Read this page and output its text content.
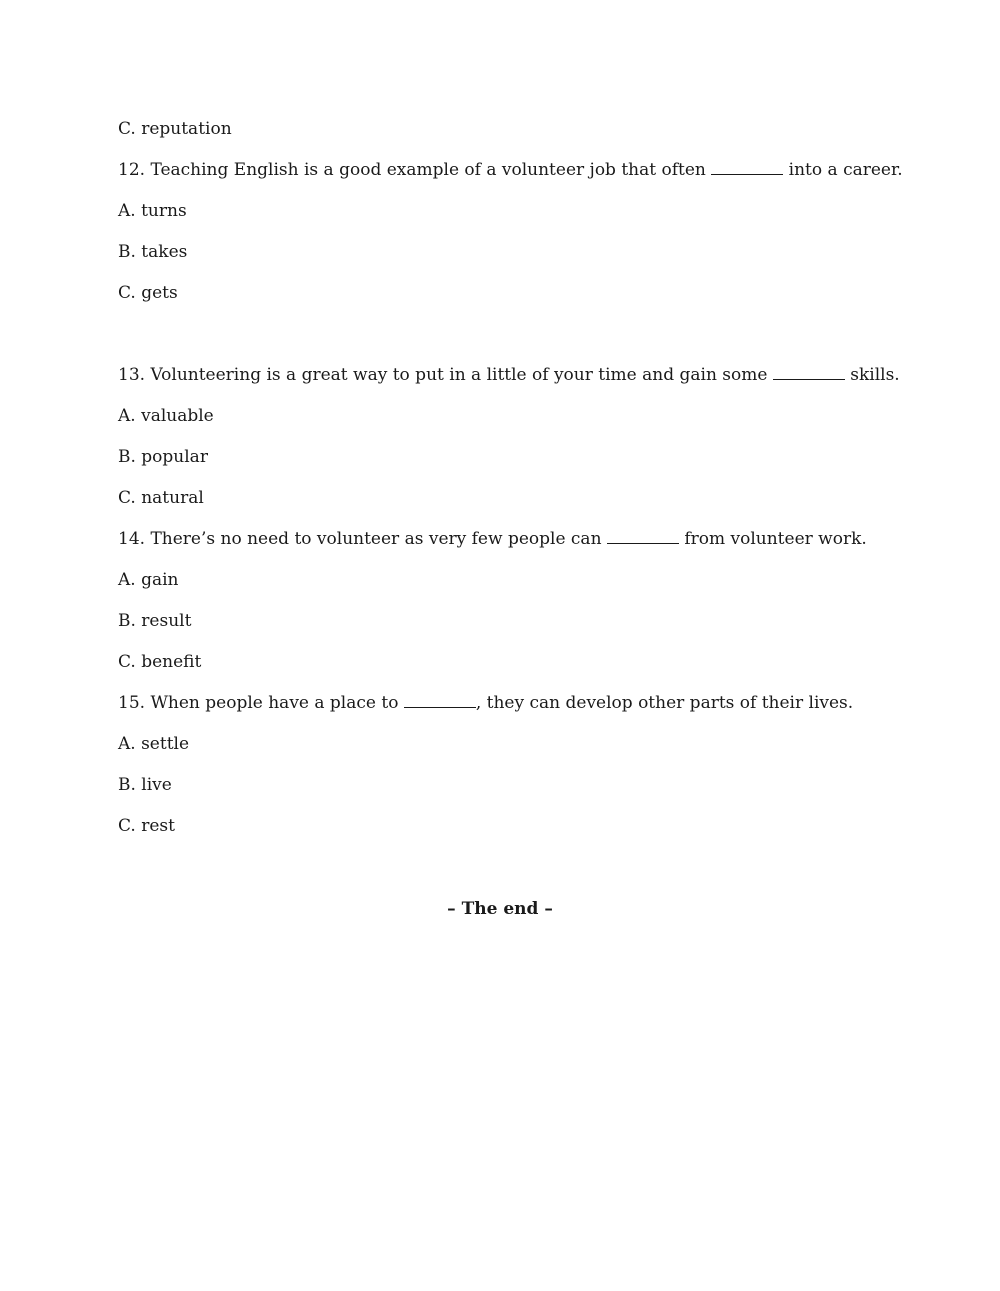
C. reputation
12. Teaching English is a good example of a volunteer job that often	into a career.
A. turns
B. takes
C. gets
13. Volunteering is a great way to put in a little of your time and gain some	skills.
A. valuable
B. popular
C. natural
14. There’s no need to volunteer as very few people can	from volunteer work.
A. gain
B. result
C. benefit
15. When people have a place to	, they can develop other parts of their lives.
A. settle
B. live
C. rest
– The end –
